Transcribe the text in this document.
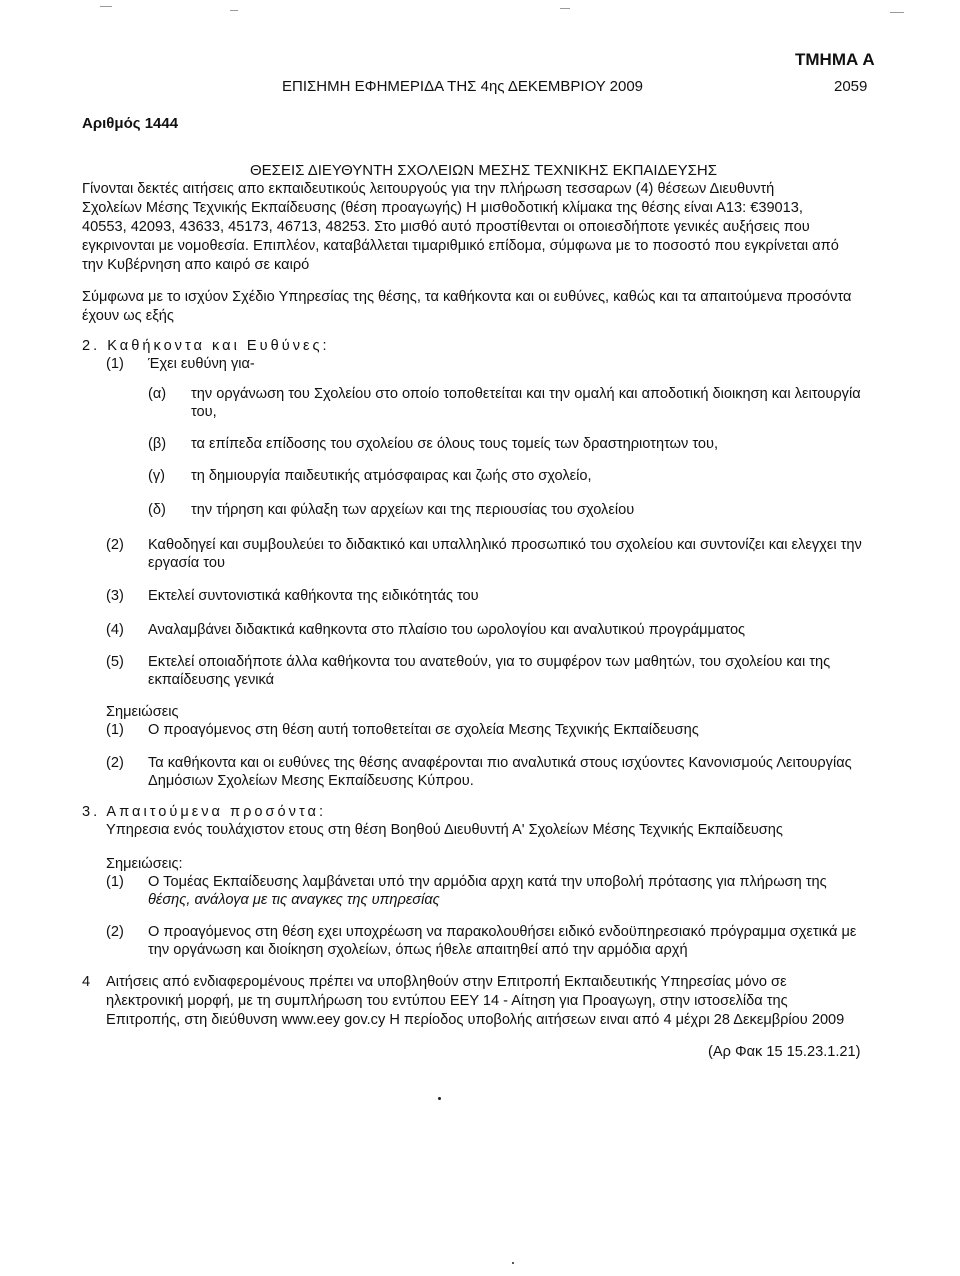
ΤΜΗΜΑ Α
ΕΠΙΣΗΜΗ ΕΦΗΜΕΡΙΔΑ ΤΗΣ 4ης ΔΕΚΕΜΒΡΙΟΥ 2009	2059
Αριθμός 1444
ΘΕΣΕΙΣ ΔΙΕΥΘΥΝΤΗ ΣΧΟΛΕΙΩΝ ΜΕΣΗΣ ΤΕΧΝΙΚΗΣ ΕΚΠΑΙΔΕΥΣΗΣ
Γίνονται δεκτές αιτήσεις απο εκπαιδευτικούς λειτουργούς για την πλήρωση τεσσαρων (4) θέσεων Διευθυντή
Σχολείων Μέσης Τεχνικής Εκπαίδευσης (θέση προαγωγής) Η μισθοδοτική κλίμακα της θέσης είναι Α13: €39013,
40553, 42093, 43633, 45173, 46713, 48253. Στο μισθό αυτό προστίθενται οι οποιεσδήποτε γενικές αυξήσεις που
εγκρινονται με νομοθεσία. Επιπλέον, καταβάλλεται τιμαριθμικό επίδομα, σύμφωνα με το ποσοστό που εγκρίνεται από
την Κυβέρνηση απο καιρό σε καιρό
Σύμφωνα με το ισχύον Σχέδιο Υπηρεσίας της θέσης, τα καθήκοντα και οι ευθύνες, καθώς και τα απαιτούμενα προσόντα
έχουν ως εξής
2. Καθήκοντα και Ευθύνες:
(1) Έχει ευθύνη για-
(α) την οργάνωση του Σχολείου στο οποίο τοποθετείται και την ομαλή και αποδοτική διοικηση και λειτουργία
του,
(β) τα επίπεδα επίδοσης του σχολείου σε όλους τους τομείς των δραστηριοτητων του,
(γ) τη δημιουργία παιδευτικής ατμόσφαιρας και ζωής στο σχολείο,
(δ) την τήρηση και φύλαξη των αρχείων και της περιουσίας του σχολείου
(2) Καθοδηγεί και συμβουλεύει το διδακτικό και υπαλληλικό προσωπικό του σχολείου και συντονίζει και ελεγχει την
εργασία του
(3) Εκτελεί συντονιστικά καθήκοντα της ειδικότητάς του
(4) Αναλαμβάνει διδακτικά καθηκοντα στο πλαίσιο του ωρολογίου και αναλυτικού προγράμματος
(5) Εκτελεί οποιαδήποτε άλλα καθήκοντα του ανατεθούν, για το συμφέρον των μαθητών, του σχολείου και της
εκπαίδευσης γενικά
Σημειώσεις
(1) Ο προαγόμενος στη θέση αυτή τοποθετείται σε σχολεία Μεσης Τεχνικής Εκπαίδευσης
(2) Τα καθήκοντα και οι ευθύνες της θέσης αναφέρονται πιο αναλυτικά στους ισχύοντες Κανονισμούς Λειτουργίας
Δημόσιων Σχολείων Μεσης Εκπαίδευσης Κύπρου.
3. Απαιτούμενα προσόντα:
Υπηρεσια ενός τουλάχιστον ετους στη θέση Βοηθού Διευθυντή Α' Σχολείων Μέσης Τεχνικής Εκπαίδευσης
Σημειώσεις:
(1) Ο Τομέας Εκπαίδευσης λαμβάνεται υπό την αρμόδια αρχη κατά την υποβολή πρότασης για πλήρωση της
θέσης, ανάλογα με τις αναγκες της υπηρεσίας
(2) Ο προαγόμενος στη θέση εχει υποχρέωση να παρακολουθήσει ειδικό ενδοϋπηρεσιακό πρόγραμμα σχετικά με
την οργάνωση και διοίκηση σχολείων, όπως ήθελε απαιτηθεί από την αρμόδια αρχή
4 Αιτήσεις από ενδιαφερομένους πρέπει να υποβληθούν στην Επιτροπή Εκπαιδευτικής Υπηρεσίας μόνο σε
ηλεκτρονική μορφή, με τη συμπλήρωση του εντύπου ΕΕΥ 14 - Αίτηση για Προαγωγη, στην ιστοσελίδα της
Επιτροπής, στη διεύθυνση www.eey gov.cy Η περίοδος υποβολής αιτήσεων ειναι από 4 μέχρι 28 Δεκεμβρίου 2009
(Αρ Φακ 15 15.23.1.21)
